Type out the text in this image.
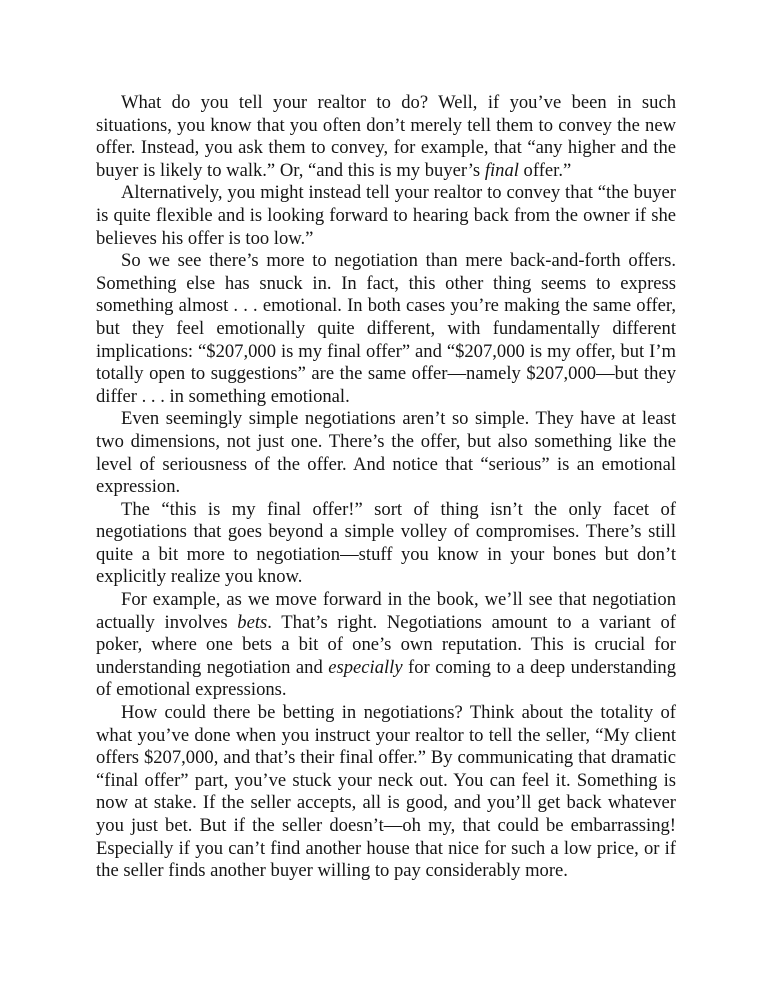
What do you tell your realtor to do? Well, if you’ve been in such situations, you know that you often don’t merely tell them to convey the new offer. Instead, you ask them to convey, for example, that “any higher and the buyer is likely to walk.” Or, “and this is my buyer’s final offer.”

Alternatively, you might instead tell your realtor to convey that “the buyer is quite flexible and is looking forward to hearing back from the owner if she believes his offer is too low.”

So we see there’s more to negotiation than mere back-and-forth offers. Something else has snuck in. In fact, this other thing seems to express something almost . . . emotional. In both cases you’re making the same offer, but they feel emotionally quite different, with fundamentally different implications: “$207,000 is my final offer” and “$207,000 is my offer, but I’m totally open to suggestions” are the same offer—namely $207,000—but they differ . . . in something emotional.

Even seemingly simple negotiations aren’t so simple. They have at least two dimensions, not just one. There’s the offer, but also something like the level of seriousness of the offer. And notice that “serious” is an emotional expression.

The “this is my final offer!” sort of thing isn’t the only facet of negotiations that goes beyond a simple volley of compromises. There’s still quite a bit more to negotiation—stuff you know in your bones but don’t explicitly realize you know.

For example, as we move forward in the book, we’ll see that negotiation actually involves bets. That’s right. Negotiations amount to a variant of poker, where one bets a bit of one’s own reputation. This is crucial for understanding negotiation and especially for coming to a deep understanding of emotional expressions.

How could there be betting in negotiations? Think about the totality of what you’ve done when you instruct your realtor to tell the seller, “My client offers $207,000, and that’s their final offer.” By communicating that dramatic “final offer” part, you’ve stuck your neck out. You can feel it. Something is now at stake. If the seller accepts, all is good, and you’ll get back whatever you just bet. But if the seller doesn’t—oh my, that could be embarrassing! Especially if you can’t find another house that nice for such a low price, or if the seller finds another buyer willing to pay considerably more.
